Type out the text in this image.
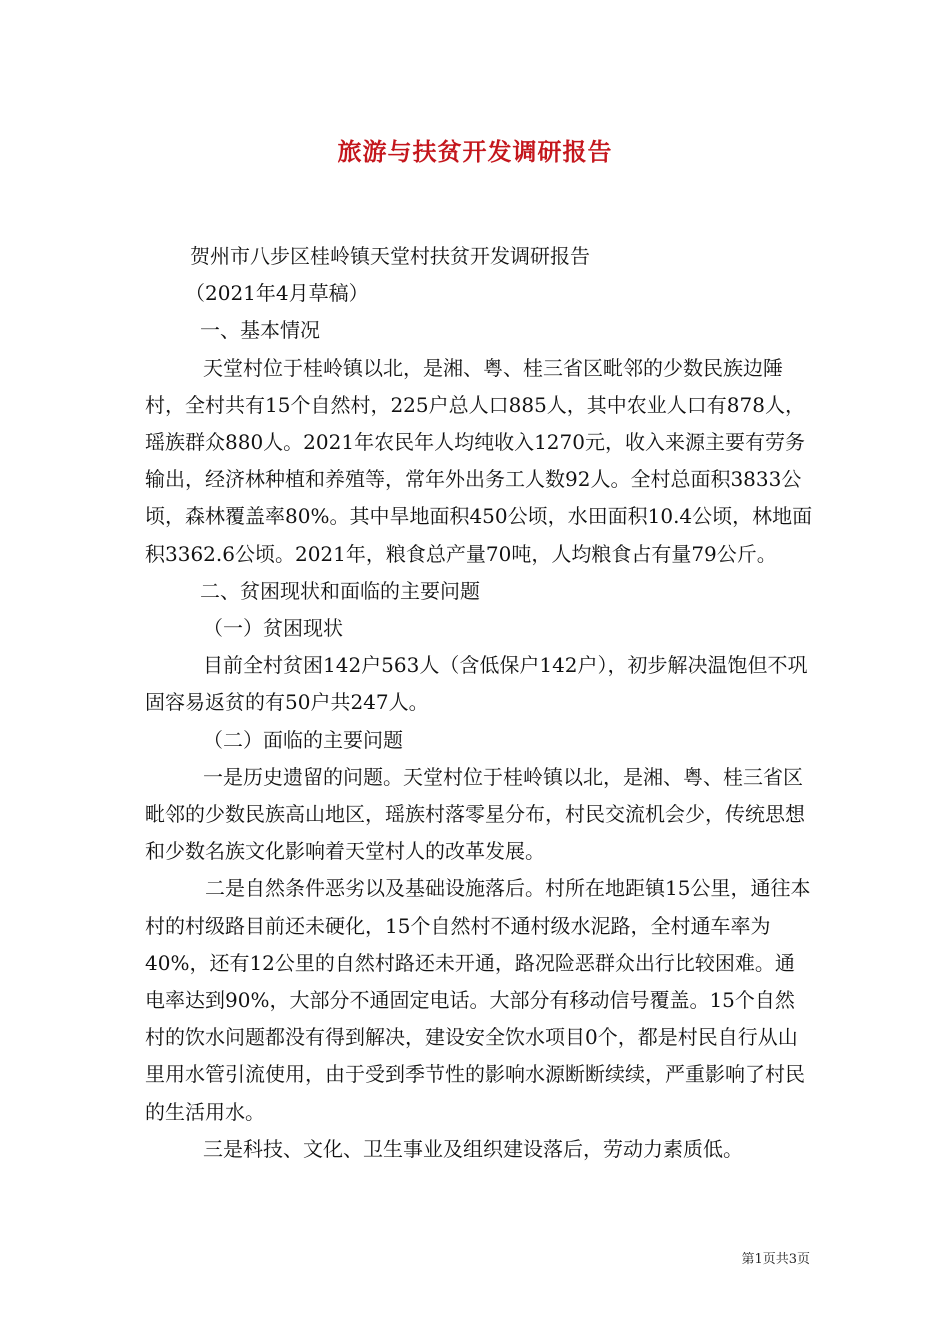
旅游与扶贫开发调研报告

贺州市八步区桂岭镇天堂村扶贫开发调研报告

（2021年4月草稿）

一、基本情况

天堂村位于桂岭镇以北，是湘、粤、桂三省区毗邻的少数民族边陲村，全村共有15个自然村，225户总人口885人，其中农业人口有878人，瑶族群众880人。2021年农民年人均纯收入1270元，收入来源主要有劳务输出，经济林种植和养殖等，常年外出务工人数92人。全村总面积3833公顷，森林覆盖率80%。其中旱地面积450公顷，水田面积10.4公顷，林地面积3362.6公顷。2021年，粮食总产量70吨，人均粮食占有量79公斤。

二、贫困现状和面临的主要问题

（一）贫困现状

目前全村贫困142户563人（含低保户142户），初步解决温饱但不巩固容易返贫的有50户共247人。

（二）面临的主要问题

一是历史遗留的问题。天堂村位于桂岭镇以北，是湘、粤、桂三省区毗邻的少数民族高山地区，瑶族村落零星分布，村民交流机会少，传统思想和少数名族文化影响着天堂村人的改革发展。

二是自然条件恶劣以及基础设施落后。村所在地距镇15公里，通往本村的村级路目前还未硬化，15个自然村不通村级水泥路，全村通车率为40%，还有12公里的自然村路还未开通，路况险恶群众出行比较困难。通电率达到90%，大部分不通固定电话。大部分有移动信号覆盖。15个自然村的饮水问题都没有得到解决，建设安全饮水项目0个，都是村民自行从山里用水管引流使用，由于受到季节性的影响水源断断续续，严重影响了村民的生活用水。

三是科技、文化、卫生事业及组织建设落后，劳动力素质低。

第1页共3页
